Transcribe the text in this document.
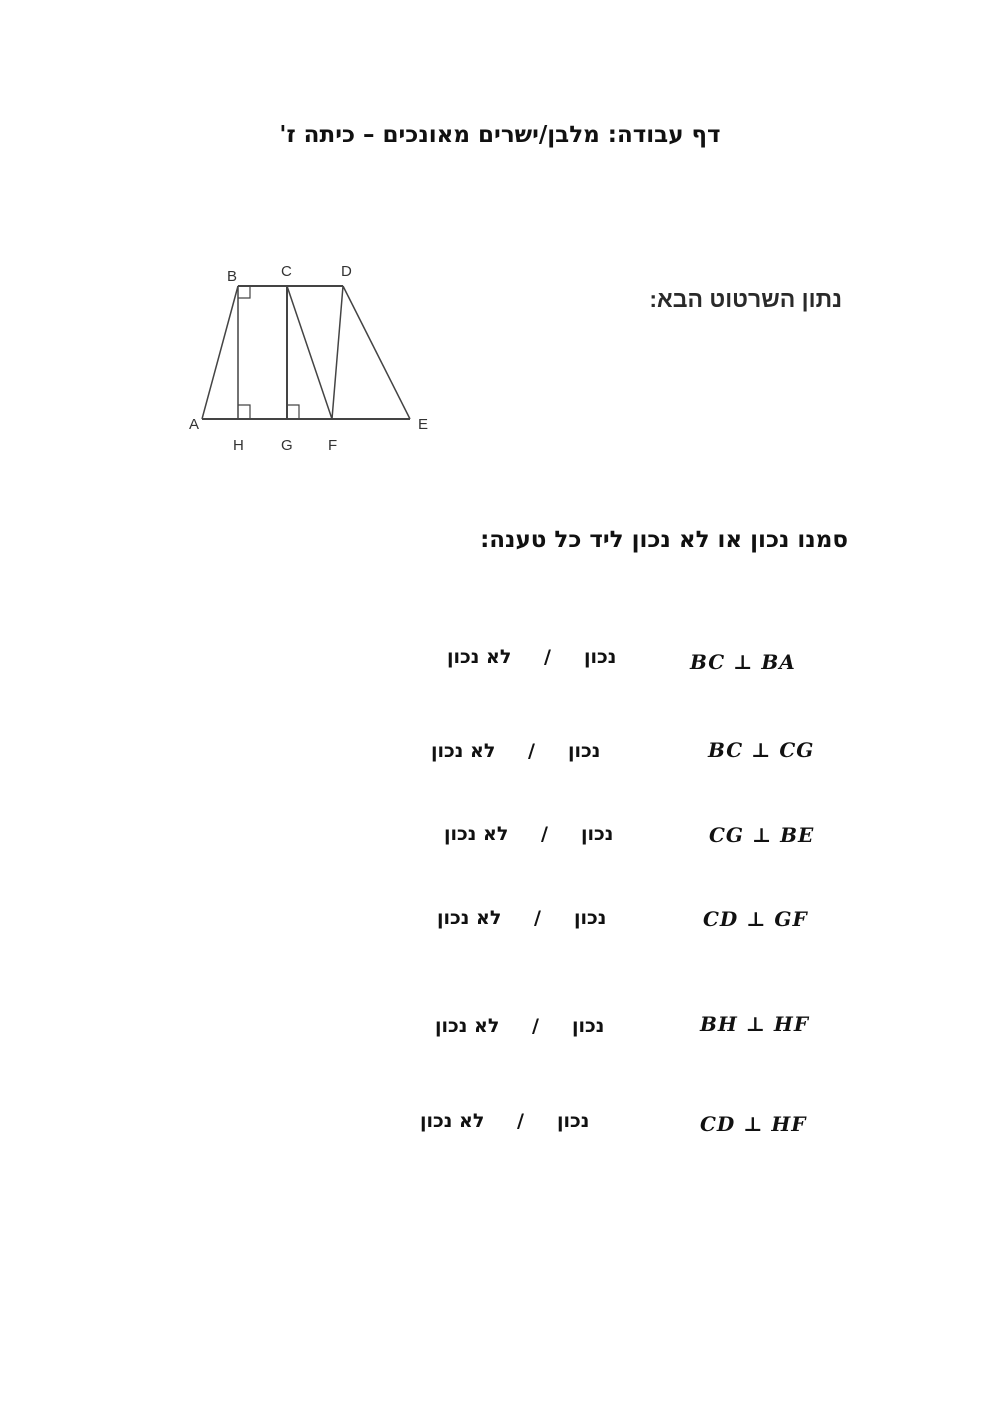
דף עבודה: מלבן/ישרים מאונכים – כיתה ז'
B	C	D
A	E
H G F
נתון השרטוט הבא:
סמנו נכון או לא נכון ליד כל טענה:
BC ⊥ BA
נכון
/
לא נכון
BC ⊥ CG
נכון
/
לא נכון
CG ⊥ BE
נכון
/
לא נכון
CD ⊥ GF
נכון
/
לא נכון
BH ⊥ HF
נכון
/
לא נכון
CD ⊥ HF
נכון
/
לא נכון
